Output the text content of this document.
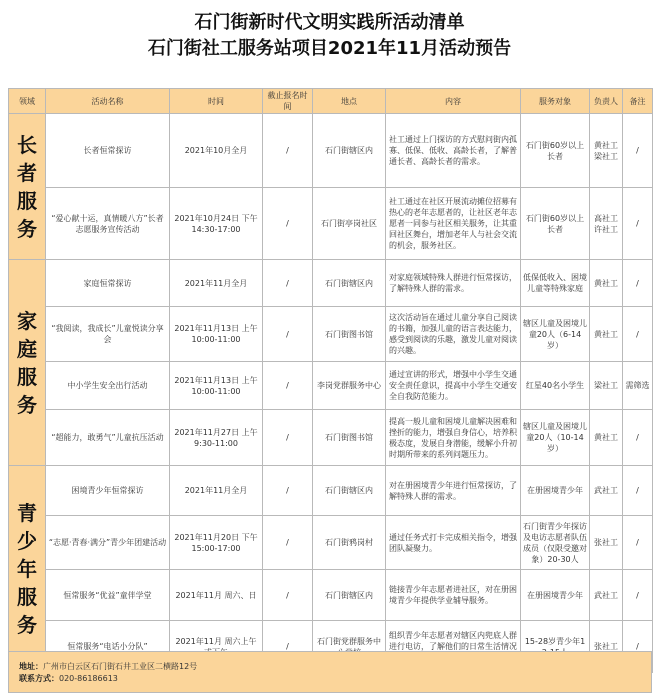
石门街新时代文明实践所活动清单
石门街社工服务站项目2021年11月活动预告
领域	活动名称	时间	截止报名时间	地点	内容	服务对象	负责人	备注
长者服务	长者恒常探访	2021年10月全月	/	石门街辖区内	社工通过上门探访的方式慰问街内孤寡、低保、低收、高龄长者，了解普通长者、高龄长者的需求。	石门街60岁以上长者	黄社工 梁社工	/
	“爱心献十运，真情暖八方”长者志愿服务宣传活动	2021年10月24日 下午14:30-17:00	/	石门街亭岗社区	社工通过在社区开展流动摊位招募有热心的老年志愿者的，让社区老年志愿者一同参与社区相关服务，让其重回社区舞台，增加老年人与社会交流的机会，服务社区。	石门街60岁以上长者	高社工 许社工	/
家庭服务	家庭恒常探访	2021年11月全月	/	石门街辖区内	对家庭领域特殊人群进行恒常探访，了解特殊人群的需求。	低保低收入、困境儿童等特殊家庭	黄社工	/
	“我阅读，我成长”儿童悦读分享会	2021年11月13日 上午10:00-11:00	/	石门街图书馆	这次活动旨在通过儿童分享自己阅读的书籍，加强儿童的语言表达能力，感受到阅读的乐趣，激发儿童对阅读的兴趣。	辖区儿童及困境儿童20人（6-14岁）	黄社工	/
	中小学生安全出行活动	2021年11月13日 上午10:00-11:00	/	李岗党群服务中心	通过宣讲的形式，增强中小学生交通安全责任意识，提高中小学生交通安全自我防范能力。	红星40名小学生	梁社工	需筛选
	“超能力，敢勇气”儿童抗压活动	2021年11月27日 上午9:30-11:00	/	石门街图书馆	提高一般儿童和困境儿童解决困难和挫折的能力，增强自身信心，培养积极态度，发展自身潜能，缓解小升初时期所带来的系列问题压力。	辖区儿童及困境儿童20人（10-14岁）	黄社工	/
青少年服务	困境青少年恒常探访	2021年11月全月	/	石门街辖区内	对在册困境青少年进行恒常探访，了解特殊人群的需求。	在册困境青少年	武社工	/
	“志愿·青春·满分”青少年团建活动	2021年11月20日 下午15:00-17:00	/	石门街鸦岗村	通过任务式打卡完成相关指令，增强团队凝聚力。	石门街青少年探访及电访志愿者队伍成员（仅限受邀对象）20-30人	张社工	/
	恒常服务“优益”童伴学堂	2021年11月 周六、日	/	石门街辖区内	链接青少年志愿者进社区，对在册困境青少年提供学业辅导服务。	在册困境青少年	武社工	/
	恒常服务“电话小分队”	2021年11月 周六上午	/	石门街党群服务中	组织青少年志愿者对辖区内兜底人群进行电访，了解他们的日常生活情况	15-28岁青少年1	张社工	/
地址：广州市白云区石门街石井工业区二横路12号
联系方式：020-86186613
